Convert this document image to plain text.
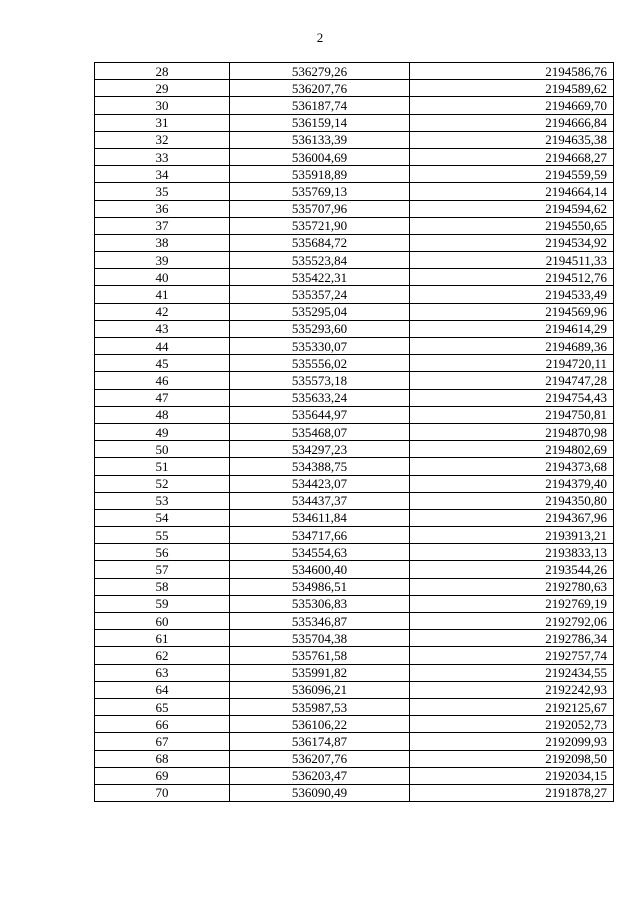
2
28	536279,26	2194586,76
29	536207,76	2194589,62
30	536187,74	2194669,70
31	536159,14	2194666,84
32	536133,39	2194635,38
33	536004,69	2194668,27
34	535918,89	2194559,59
35	535769,13	2194664,14
36	535707,96	2194594,62
37	535721,90	2194550,65
38	535684,72	2194534,92
39	535523,84	2194511,33
40	535422,31	2194512,76
41	535357,24	2194533,49
42	535295,04	2194569,96
43	535293,60	2194614,29
44	535330,07	2194689,36
45	535556,02	2194720,11
46	535573,18	2194747,28
47	535633,24	2194754,43
48	535644,97	2194750,81
49	535468,07	2194870,98
50	534297,23	2194802,69
51	534388,75	2194373,68
52	534423,07	2194379,40
53	534437,37	2194350,80
54	534611,84	2194367,96
55	534717,66	2193913,21
56	534554,63	2193833,13
57	534600,40	2193544,26
58	534986,51	2192780,63
59	535306,83	2192769,19
60	535346,87	2192792,06
61	535704,38	2192786,34
62	535761,58	2192757,74
63	535991,82	2192434,55
64	536096,21	2192242,93
65	535987,53	2192125,67
66	536106,22	2192052,73
67	536174,87	2192099,93
68	536207,76	2192098,50
69	536203,47	2192034,15
70	536090,49	2191878,27
